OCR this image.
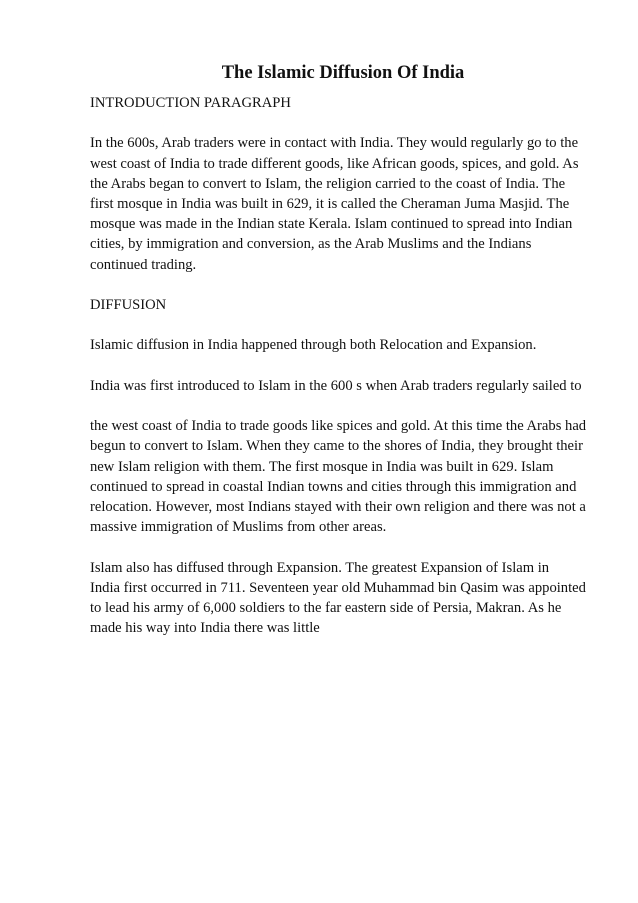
The Islamic Diffusion Of India
INTRODUCTION PARAGRAPH

In the 600s, Arab traders were in contact with India. They would regularly go to the

west coast of India to trade different goods, like African goods, spices, and gold. As

the Arabs began to convert to Islam, the religion carried to the coast of India. The

first mosque in India was built in 629, it is called the Cheraman Juma Masjid. The

mosque was made in the Indian state Kerala. Islam continued to spread into Indian

cities, by immigration and conversion, as the Arab Muslims and the Indians

continued trading.

DIFFUSION

Islamic diffusion in India happened through both Relocation and Expansion.

India was first introduced to Islam in the 600 s when Arab traders regularly sailed to

the west coast of India to trade goods like spices and gold. At this time the Arabs had

begun to convert to Islam. When they came to the shores of India, they brought their

new Islam religion with them. The first mosque in India was built in 629. Islam

continued to spread in coastal Indian towns and cities through this immigration and

relocation. However, most Indians stayed with their own religion and there was not a

massive immigration of Muslims from other areas.

Islam also has diffused through Expansion. The greatest Expansion of Islam in

India first occurred in 711. Seventeen year old Muhammad bin Qasim was appointed

to lead his army of 6,000 soldiers to the far eastern side of Persia, Makran. As he

made his way into India there was little
